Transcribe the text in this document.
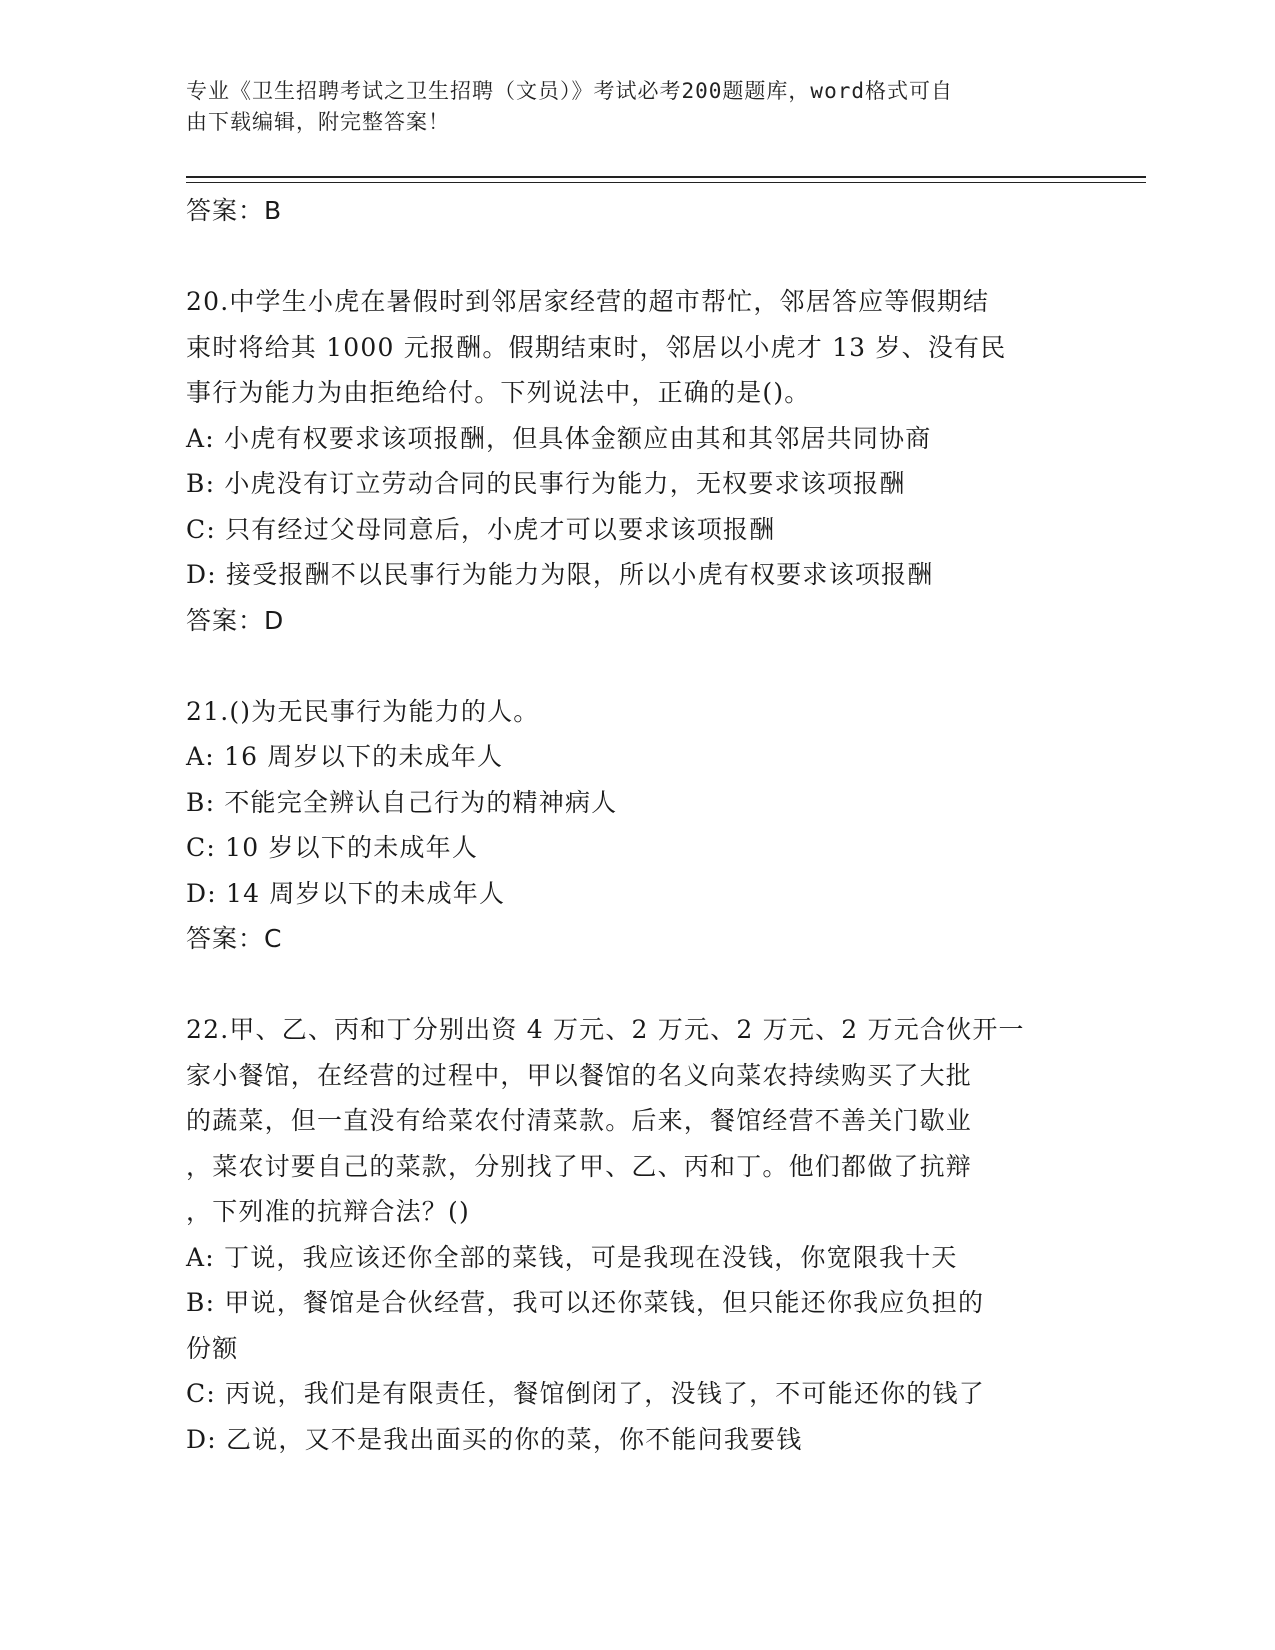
专业《卫生招聘考试之卫生招聘（文员）》考试必考200题题库，word格式可自
由下载编辑，附完整答案！
答案：B
20.中学生小虎在暑假时到邻居家经营的超市帮忙，邻居答应等假期结
束时将给其 1000 元报酬。假期结束时，邻居以小虎才 13 岁、没有民
事行为能力为由拒绝给付。下列说法中，正确的是()。
A: 小虎有权要求该项报酬，但具体金额应由其和其邻居共同协商
B: 小虎没有订立劳动合同的民事行为能力，无权要求该项报酬
C: 只有经过父母同意后，小虎才可以要求该项报酬
D: 接受报酬不以民事行为能力为限，所以小虎有权要求该项报酬
答案：D
21.()为无民事行为能力的人。
A: 16 周岁以下的未成年人
B: 不能完全辨认自己行为的精神病人
C: 10 岁以下的未成年人
D: 14 周岁以下的未成年人
答案：C
22.甲、乙、丙和丁分别出资 4 万元、2 万元、2 万元、2 万元合伙开一
家小餐馆，在经营的过程中，甲以餐馆的名义向菜农持续购买了大批
的蔬菜，但一直没有给菜农付清菜款。后来，餐馆经营不善关门歇业
，菜农讨要自己的菜款，分别找了甲、乙、丙和丁。他们都做了抗辩
，下列准的抗辩合法？()
A: 丁说，我应该还你全部的菜钱，可是我现在没钱，你宽限我十天
B: 甲说，餐馆是合伙经营，我可以还你菜钱，但只能还你我应负担的
份额
C: 丙说，我们是有限责任，餐馆倒闭了，没钱了，不可能还你的钱了
D: 乙说，又不是我出面买的你的菜，你不能问我要钱
